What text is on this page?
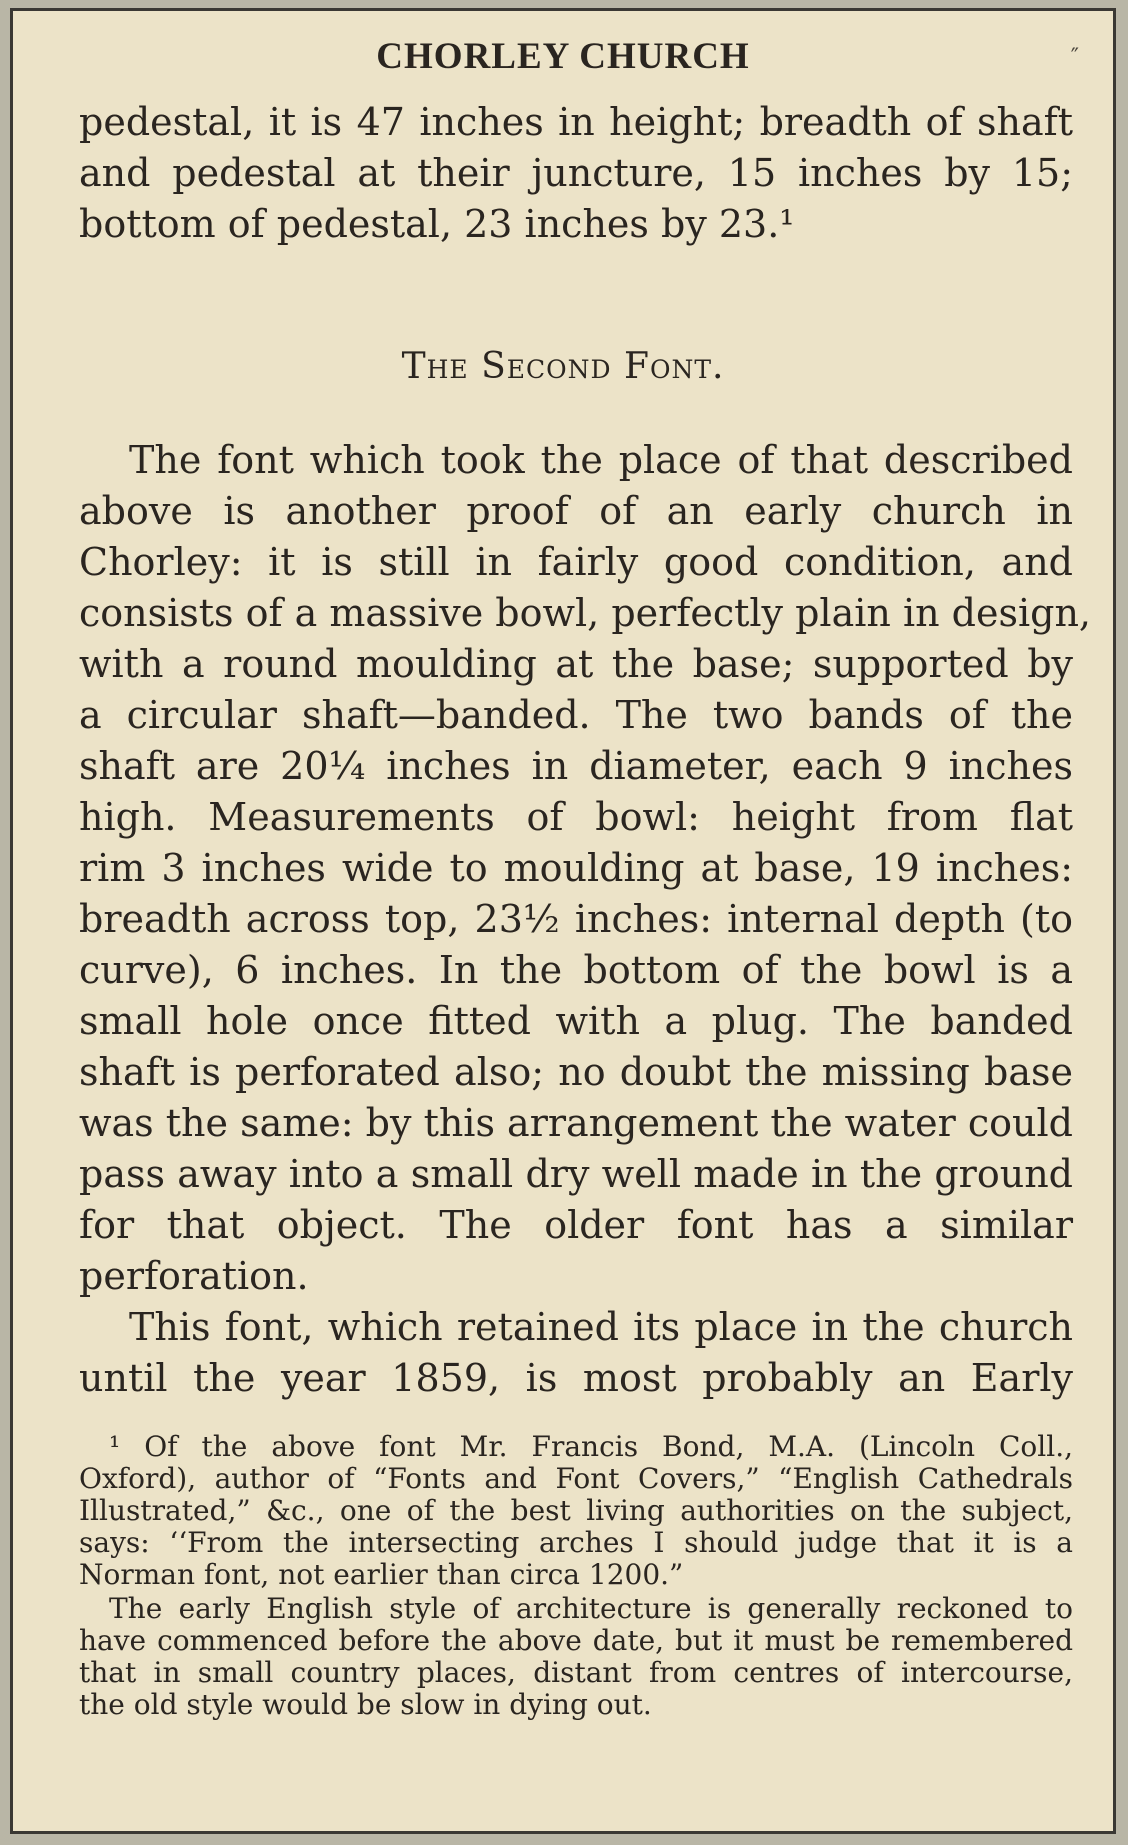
CHORLEY CHURCH	″
pedestal, it is 47 inches in height; breadth of shaft
and pedestal at their juncture, 15 inches by 15;
bottom of pedestal, 23 inches by 23.¹
The Second Font.
The font which took the place of that described
above is another proof of an early church in
Chorley: it is still in fairly good condition, and
consists of a massive bowl, perfectly plain in design,
with a round moulding at the base; supported by
a circular shaft—banded. The two bands of the
shaft are 20¼ inches in diameter, each 9 inches
high. Measurements of bowl: height from flat
rim 3 inches wide to moulding at base, 19 inches:
breadth across top, 23½ inches: internal depth (to
curve), 6 inches. In the bottom of the bowl is a
small hole once fitted with a plug. The banded
shaft is perforated also; no doubt the missing base
was the same: by this arrangement the water could
pass away into a small dry well made in the ground
for that object. The older font has a similar
perforation.
This font, which retained its place in the church
until the year 1859, is most probably an Early
¹ Of the above font Mr. Francis Bond, M.A. (Lincoln Coll.,
Oxford), author of “Fonts and Font Covers,” “English Cathedrals
Illustrated,” &c., one of the best living authorities on the subject,
says: ‘‘From the intersecting arches I should judge that it is a
Norman font, not earlier than circa 1200.”
The early English style of architecture is generally reckoned to
have commenced before the above date, but it must be remembered
that in small country places, distant from centres of intercourse,
the old style would be slow in dying out.
